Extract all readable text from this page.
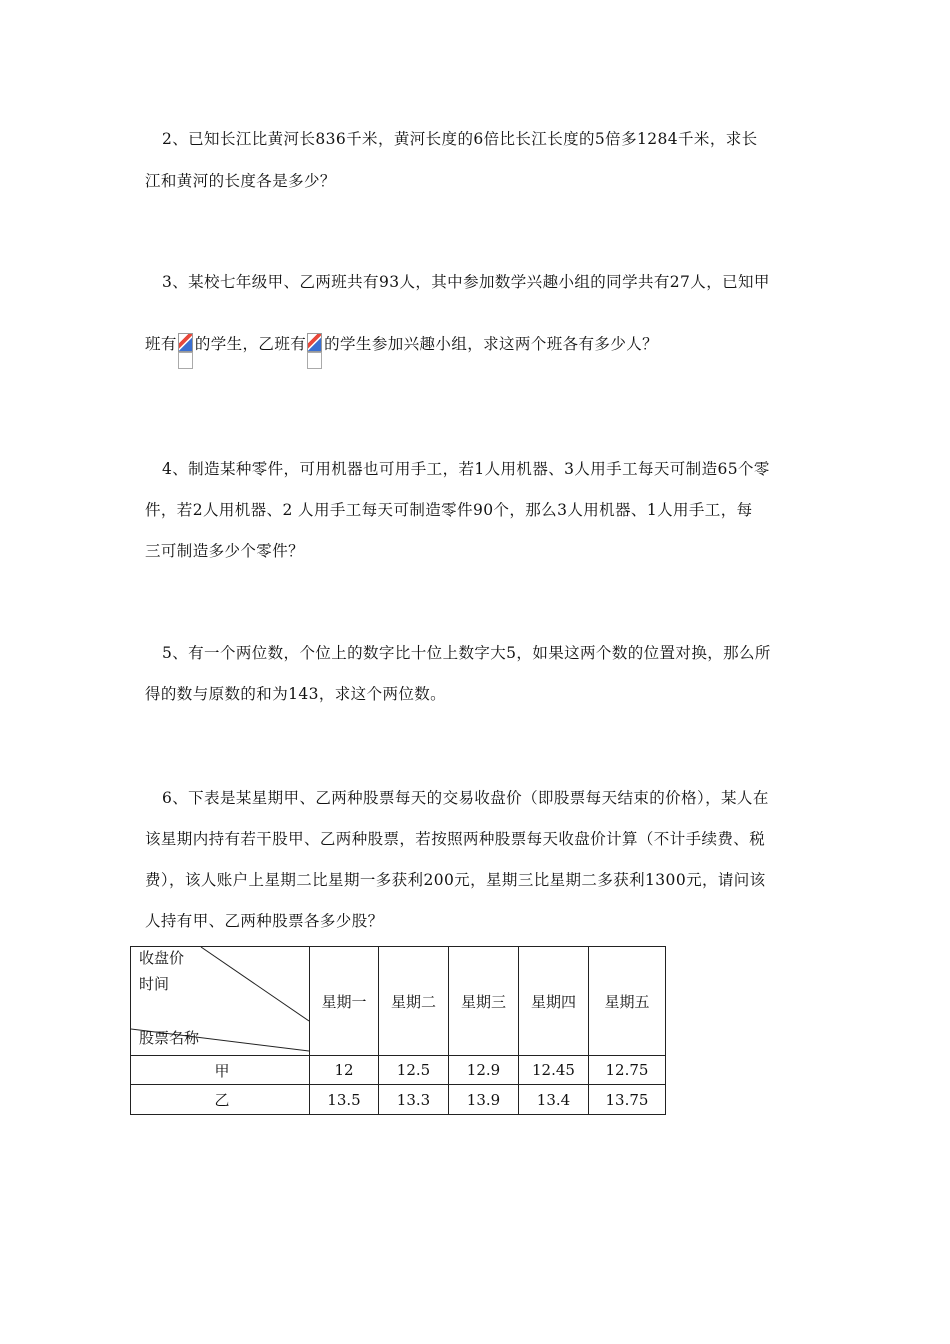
2、已知长江比黄河长836千米，黄河长度的6倍比长江长度的5倍多1284千米，求长
江和黄河的长度各是多少？
3、某校七年级甲、乙两班共有93人，其中参加数学兴趣小组的同学共有27人，已知甲
班有 的学生，乙班有 的学生参加兴趣小组，求这两个班各有多少人？
4、制造某种零件，可用机器也可用手工，若1人用机器、3人用手工每天可制造65个零
件，若2人用机器、2 人用手工每天可制造零件90个，那么3人用机器、1人用手工，每
三可制造多少个零件？
5、有一个两位数，个位上的数字比十位上数字大5，如果这两个数的位置对换，那么所
得的数与原数的和为143，求这个两位数。
6、下表是某星期甲、乙两种股票每天的交易收盘价（即股票每天结束的价格），某人在
该星期内持有若干股甲、乙两种股票，若按照两种股票每天收盘价计算（不计手续费、税
费），该人账户上星期二比星期一多获利200元，星期三比星期二多获利1300元，请问该
人持有甲、乙两种股票各多少股？
收盘价
时间
股票名称	星期一	星期二	星期三	星期四	星期五
甲	12	12.5	12.9	12.45	12.75
乙	13.5	13.3	13.9	13.4	13.75
